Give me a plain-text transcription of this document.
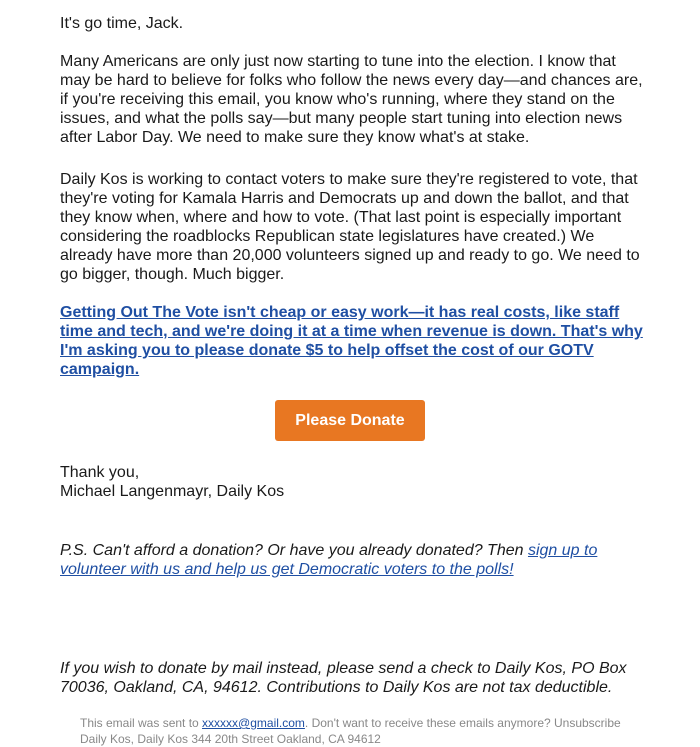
It's go time, Jack.

Many Americans are only just now starting to tune into the election. I know that may be hard to believe for folks who follow the news every day—and chances are, if you're receiving this email, you know who's running, where they stand on the issues, and what the polls say—but many people start tuning into election news after Labor Day. We need to make sure they know what's at stake.

Daily Kos is working to contact voters to make sure they're registered to vote, that they're voting for Kamala Harris and Democrats up and down the ballot, and that they know when, where and how to vote. (That last point is especially important considering the roadblocks Republican state legislatures have created.) We already have more than 20,000 volunteers signed up and ready to go. We need to go bigger, though. Much bigger.

Getting Out The Vote isn't cheap or easy work—it has real costs, like staff time and tech, and we're doing it at a time when revenue is down. That's why I'm asking you to please donate $5 to help offset the cost of our GOTV campaign.
Please Donate

Thank you,
Michael Langenmayr, Daily Kos

P.S. Can't afford a donation? Or have you already donated? Then sign up to volunteer with us and help us get Democratic voters to the polls!

If you wish to donate by mail instead, please send a check to Daily Kos, PO Box 70036, Oakland, CA, 94612. Contributions to Daily Kos are not tax deductible.

This email was sent to xxxxxx@gmail.com. Don't want to receive these emails anymore? Unsubscribe
Daily Kos, Daily Kos 344 20th Street Oakland, CA 94612
